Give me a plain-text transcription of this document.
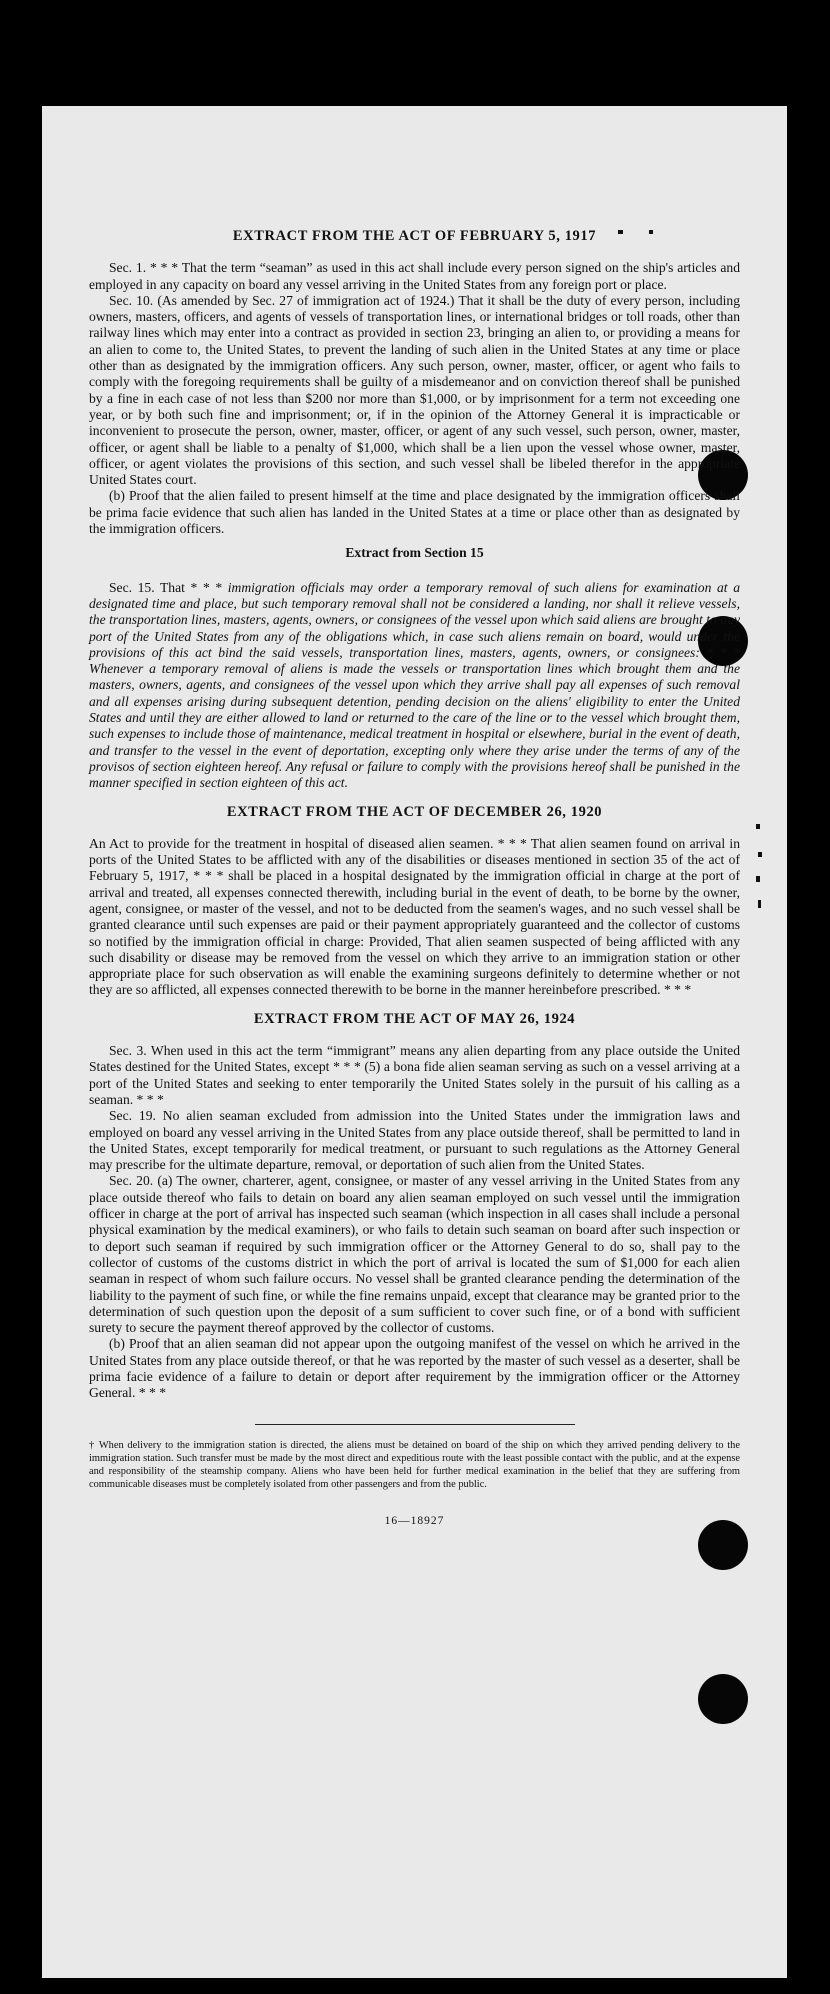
EXTRACT FROM THE ACT OF FEBRUARY 5, 1917

Sec. 1. * * * That the term “seaman” as used in this act shall include every person signed on the ship's articles and employed in any capacity on board any vessel arriving in the United States from any foreign port or place.

Sec. 10. (As amended by Sec. 27 of immigration act of 1924.) That it shall be the duty of every person, including owners, masters, officers, and agents of vessels of transportation lines, or international bridges or toll roads, other than railway lines which may enter into a contract as provided in section 23, bringing an alien to, or providing a means for an alien to come to, the United States, to prevent the landing of such alien in the United States at any time or place other than as designated by the immigration officers. Any such person, owner, master, officer, or agent who fails to comply with the foregoing requirements shall be guilty of a misdemeanor and on conviction thereof shall be punished by a fine in each case of not less than $200 nor more than $1,000, or by imprisonment for a term not exceeding one year, or by both such fine and imprisonment; or, if in the opinion of the Attorney General it is impracticable or inconvenient to prosecute the person, owner, master, officer, or agent of any such vessel, such person, owner, master, officer, or agent shall be liable to a penalty of $1,000, which shall be a lien upon the vessel whose owner, master, officer, or agent violates the provisions of this section, and such vessel shall be libeled therefor in the appropriate United States court.

(b) Proof that the alien failed to present himself at the time and place designated by the immigration officers shall be prima facie evidence that such alien has landed in the United States at a time or place other than as designated by the immigration officers.

Extract from Section 15

Sec. 15. That * * * immigration officials may order a temporary removal of such aliens for examination at a designated time and place, but such temporary removal shall not be considered a landing, nor shall it relieve vessels, the transportation lines, masters, agents, owners, or consignees of the vessel upon which said aliens are brought to any port of the United States from any of the obligations which, in case such aliens remain on board, would under the provisions of this act bind the said vessels, transportation lines, masters, agents, owners, or consignees: * * * Whenever a temporary removal of aliens is made the vessels or transportation lines which brought them and the masters, owners, agents, and consignees of the vessel upon which they arrive shall pay all expenses of such removal and all expenses arising during subsequent detention, pending decision on the aliens' eligibility to enter the United States and until they are either allowed to land or returned to the care of the line or to the vessel which brought them, such expenses to include those of maintenance, medical treatment in hospital or elsewhere, burial in the event of death, and transfer to the vessel in the event of deportation, excepting only where they arise under the terms of any of the provisos of section eighteen hereof. Any refusal or failure to comply with the provisions hereof shall be punished in the manner specified in section eighteen of this act.

EXTRACT FROM THE ACT OF DECEMBER 26, 1920

An Act to provide for the treatment in hospital of diseased alien seamen. * * * That alien seamen found on arrival in ports of the United States to be afflicted with any of the disabilities or diseases mentioned in section 35 of the act of February 5, 1917, * * * shall be placed in a hospital designated by the immigration official in charge at the port of arrival and treated, all expenses connected therewith, including burial in the event of death, to be borne by the owner, agent, consignee, or master of the vessel, and not to be deducted from the seamen's wages, and no such vessel shall be granted clearance until such expenses are paid or their payment appropriately guaranteed and the collector of customs so notified by the immigration official in charge: Provided, That alien seamen suspected of being afflicted with any such disability or disease may be removed from the vessel on which they arrive to an immigration station or other appropriate place for such observation as will enable the examining surgeons definitely to determine whether or not they are so afflicted, all expenses connected therewith to be borne in the manner hereinbefore prescribed. * * *

EXTRACT FROM THE ACT OF MAY 26, 1924

Sec. 3. When used in this act the term “immigrant” means any alien departing from any place outside the United States destined for the United States, except * * * (5) a bona fide alien seaman serving as such on a vessel arriving at a port of the United States and seeking to enter temporarily the United States solely in the pursuit of his calling as a seaman. * * *

Sec. 19. No alien seaman excluded from admission into the United States under the immigration laws and employed on board any vessel arriving in the United States from any place outside thereof, shall be permitted to land in the United States, except temporarily for medical treatment, or pursuant to such regulations as the Attorney General may prescribe for the ultimate departure, removal, or deportation of such alien from the United States.

Sec. 20. (a) The owner, charterer, agent, consignee, or master of any vessel arriving in the United States from any place outside thereof who fails to detain on board any alien seaman employed on such vessel until the immigration officer in charge at the port of arrival has inspected such seaman (which inspection in all cases shall include a personal physical examination by the medical examiners), or who fails to detain such seaman on board after such inspection or to deport such seaman if required by such immigration officer or the Attorney General to do so, shall pay to the collector of customs of the customs district in which the port of arrival is located the sum of $1,000 for each alien seaman in respect of whom such failure occurs. No vessel shall be granted clearance pending the determination of the liability to the payment of such fine, or while the fine remains unpaid, except that clearance may be granted prior to the determination of such question upon the deposit of a sum sufficient to cover such fine, or of a bond with sufficient surety to secure the payment thereof approved by the collector of customs.

(b) Proof that an alien seaman did not appear upon the outgoing manifest of the vessel on which he arrived in the United States from any place outside thereof, or that he was reported by the master of such vessel as a deserter, shall be prima facie evidence of a failure to detain or deport after requirement by the immigration officer or the Attorney General. * * *

† When delivery to the immigration station is directed, the aliens must be detained on board of the ship on which they arrived pending delivery to the immigration station. Such transfer must be made by the most direct and expeditious route with the least possible contact with the public, and at the expense and responsibility of the steamship company. Aliens who have been held for further medical examination in the belief that they are suffering from communicable diseases must be completely isolated from other passengers and from the public.

16—18927
